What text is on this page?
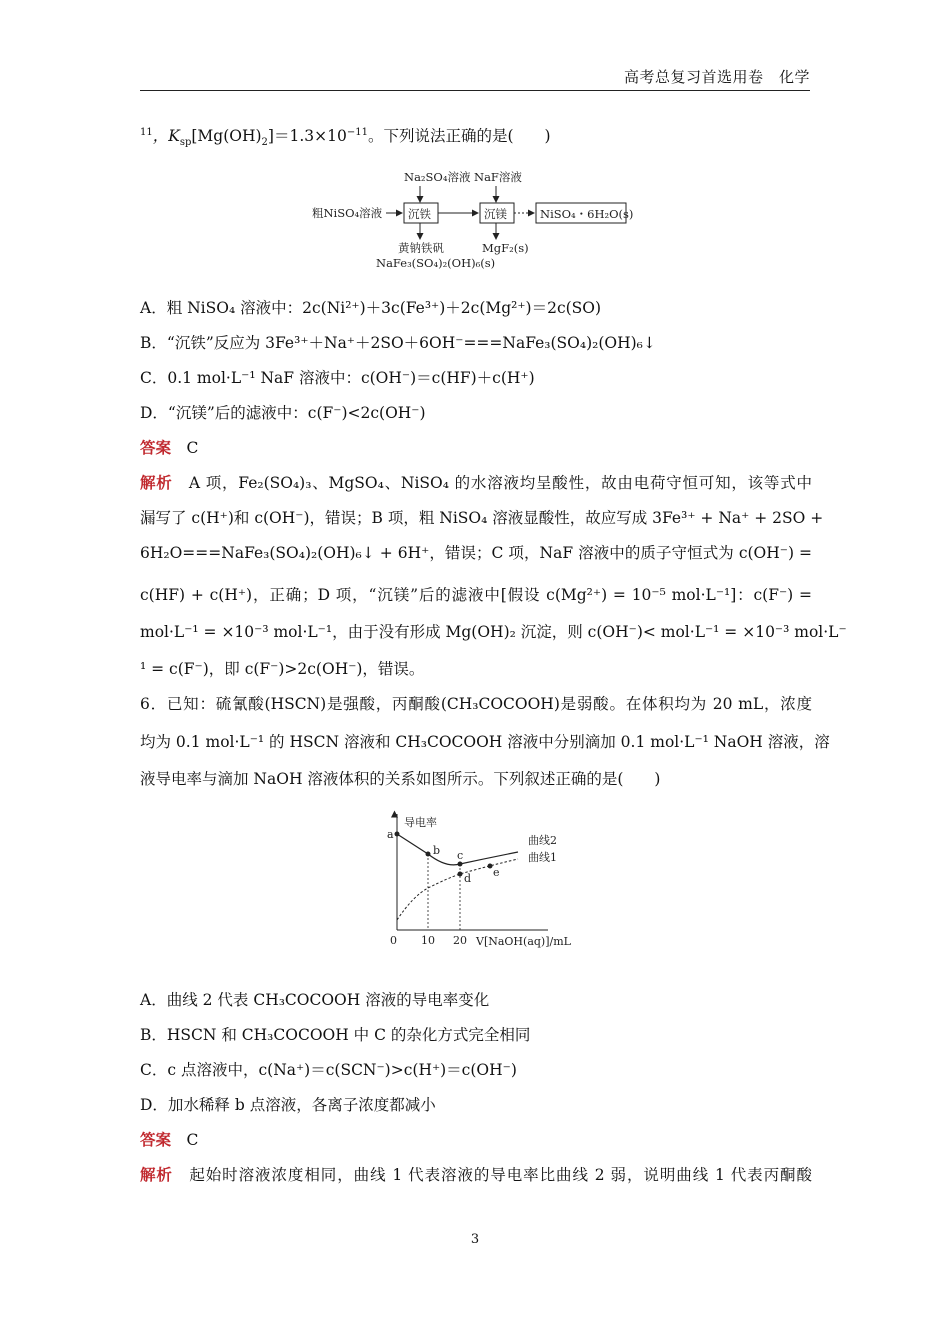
高考总复习首选用卷　化学
$^{11}$，$K_{sp}[Mg(OH)_2]=1.3\times 10^{-11}$。下列说法正确的是(　　)
粗NiSO₄溶液
Na₂SO₄溶液 NaF溶液
沉铁	沉镁	NiSO₄・6H₂O(s)
黄钠铁矾
NaFe₃(SO₄)₂(OH)₆(s)
MgF₂(s)
A．粗 NiSO₄ 溶液中：2c(Ni²⁺)＋3c(Fe³⁺)＋2c(Mg²⁺)＝2c(SO)
B．“沉铁”反应为 3Fe³⁺＋Na⁺＋2SO＋6OH⁻===NaFe₃(SO₄)₂(OH)₆↓
C．0.1 mol·L⁻¹ NaF 溶液中：c(OH⁻)＝c(HF)＋c(H⁺)
D．“沉镁”后的滤液中：c(F⁻)<2c(OH⁻)
答案　 C
解析　 A 项，Fe₂(SO₄)₃、MgSO₄、NiSO₄ 的水溶液均呈酸性，故由电荷守恒可知，该等式中
漏写了 c(H⁺)和 c(OH⁻)，错误；B 项，粗 NiSO₄ 溶液显酸性，故应写成 3Fe³⁺ + Na⁺ + 2SO +
6H₂O===NaFe₃(SO₄)₂(OH)₆↓ + 6H⁺，错误；C 项，NaF 溶液中的质子守恒式为 c(OH⁻) =
c(HF) + c(H⁺)，正确；D 项，“沉镁”后的滤液中[假设 c(Mg²⁺) = 10⁻⁵ mol·L⁻¹]：c(F⁻) =
mol·L⁻¹ = ×10⁻³ mol·L⁻¹，由于没有形成 Mg(OH)₂ 沉淀，则 c(OH⁻)< mol·L⁻¹ = ×10⁻³ mol·L⁻
¹ = c(F⁻)，即 c(F⁻)>2c(OH⁻)，错误。
6．已知：硫氰酸(HSCN)是强酸，丙酮酸(CH₃COCOOH)是弱酸。在体积均为 20 mL，浓度
均为 0.1 mol·L⁻¹ 的 HSCN 溶液和 CH₃COCOOH 溶液中分别滴加 0.1 mol·L⁻¹ NaOH 溶液，溶
液导电率与滴加 NaOH 溶液体积的关系如图所示。下列叙述正确的是(　　)
导电率
a
b c
d e
曲线2
曲线1
0 10 20 V[NaOH(aq)]/mL
A．曲线 2 代表 CH₃COCOOH 溶液的导电率变化
B．HSCN 和 CH₃COCOOH 中 C 的杂化方式完全相同
C．c 点溶液中，c(Na⁺)＝c(SCN⁻)>c(H⁺)＝c(OH⁻)
D．加水稀释 b 点溶液，各离子浓度都减小
答案　 C
解析　 起始时溶液浓度相同，曲线 1 代表溶液的导电率比曲线 2 弱，说明曲线 1 代表丙酮酸
3
